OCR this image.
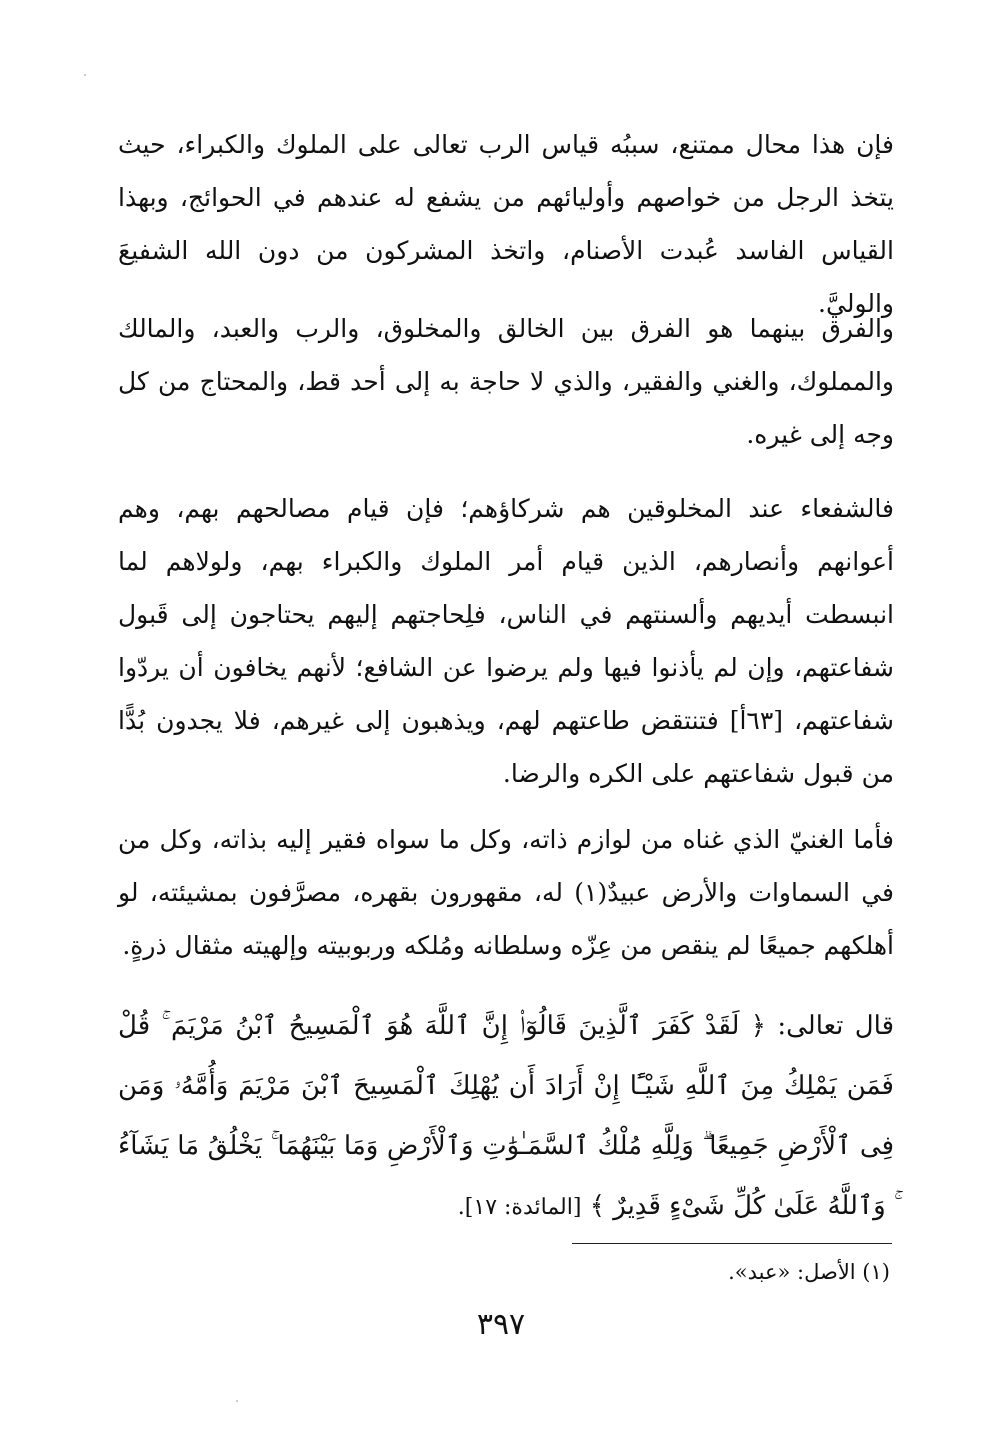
فإن هذا محال ممتنع، سببُه قياس الرب تعالى على الملوك والكبراء، حيث يتخذ الرجل من خواصهم وأوليائهم من يشفع له عندهم في الحوائج، وبهذا القياس الفاسد عُبدت الأصنام، واتخذ المشركون من دون الله الشفيعَ والوليَّ.

والفرق بينهما هو الفرق بين الخالق والمخلوق، والرب والعبد، والمالك والمملوك، والغني والفقير، والذي لا حاجة به إلى أحد قط، والمحتاج من كل وجه إلى غيره.

فالشفعاء عند المخلوقين هم شركاؤهم؛ فإن قيام مصالحهم بهم، وهم أعوانهم وأنصارهم، الذين قيام أمر الملوك والكبراء بهم، ولولاهم لما انبسطت أيديهم وألسنتهم في الناس، فلِحاجتهم إليهم يحتاجون إلى قَبول شفاعتهم، وإن لم يأذنوا فيها ولم يرضوا عن الشافع؛ لأنهم يخافون أن يردّوا شفاعتهم، [٦٣أ] فتنتقض طاعتهم لهم، ويذهبون إلى غيرهم، فلا يجدون بُدًّا من قبول شفاعتهم على الكره والرضا.

فأما الغنيّ الذي غناه من لوازم ذاته، وكل ما سواه فقير إليه بذاته، وكل من في السماوات والأرض عبيدٌ(١) له، مقهورون بقهره، مصرَّفون بمشيئته، لو أهلكهم جميعًا لم ينقص من عِزّه وسلطانه ومُلكه وربوبيته وإلهيته مثقال ذرةٍ.

قال تعالى: ﴿ لَقَدْ كَفَرَ ٱلَّذِينَ قَالُوٓا۟ إِنَّ ٱللَّهَ هُوَ ٱلْمَسِيحُ ٱبْنُ مَرْيَمَ ۚ قُلْ فَمَن يَمْلِكُ مِنَ ٱللَّهِ شَيْـًٔا إِنْ أَرَادَ أَن يُهْلِكَ ٱلْمَسِيحَ ٱبْنَ مَرْيَمَ وَأُمَّهُۥ وَمَن فِى ٱلْأَرْضِ جَمِيعًا ۗ وَلِلَّهِ مُلْكُ ٱلسَّمَـٰوَٰتِ وَٱلْأَرْضِ وَمَا بَيْنَهُمَا ۚ يَخْلُقُ مَا يَشَآءُ ۚ وَٱللَّهُ عَلَىٰ كُلِّ شَىْءٍ قَدِيرٌ ﴾ [المائدة: ١٧].

(١) الأصل: «عبد».
٣٩٧
